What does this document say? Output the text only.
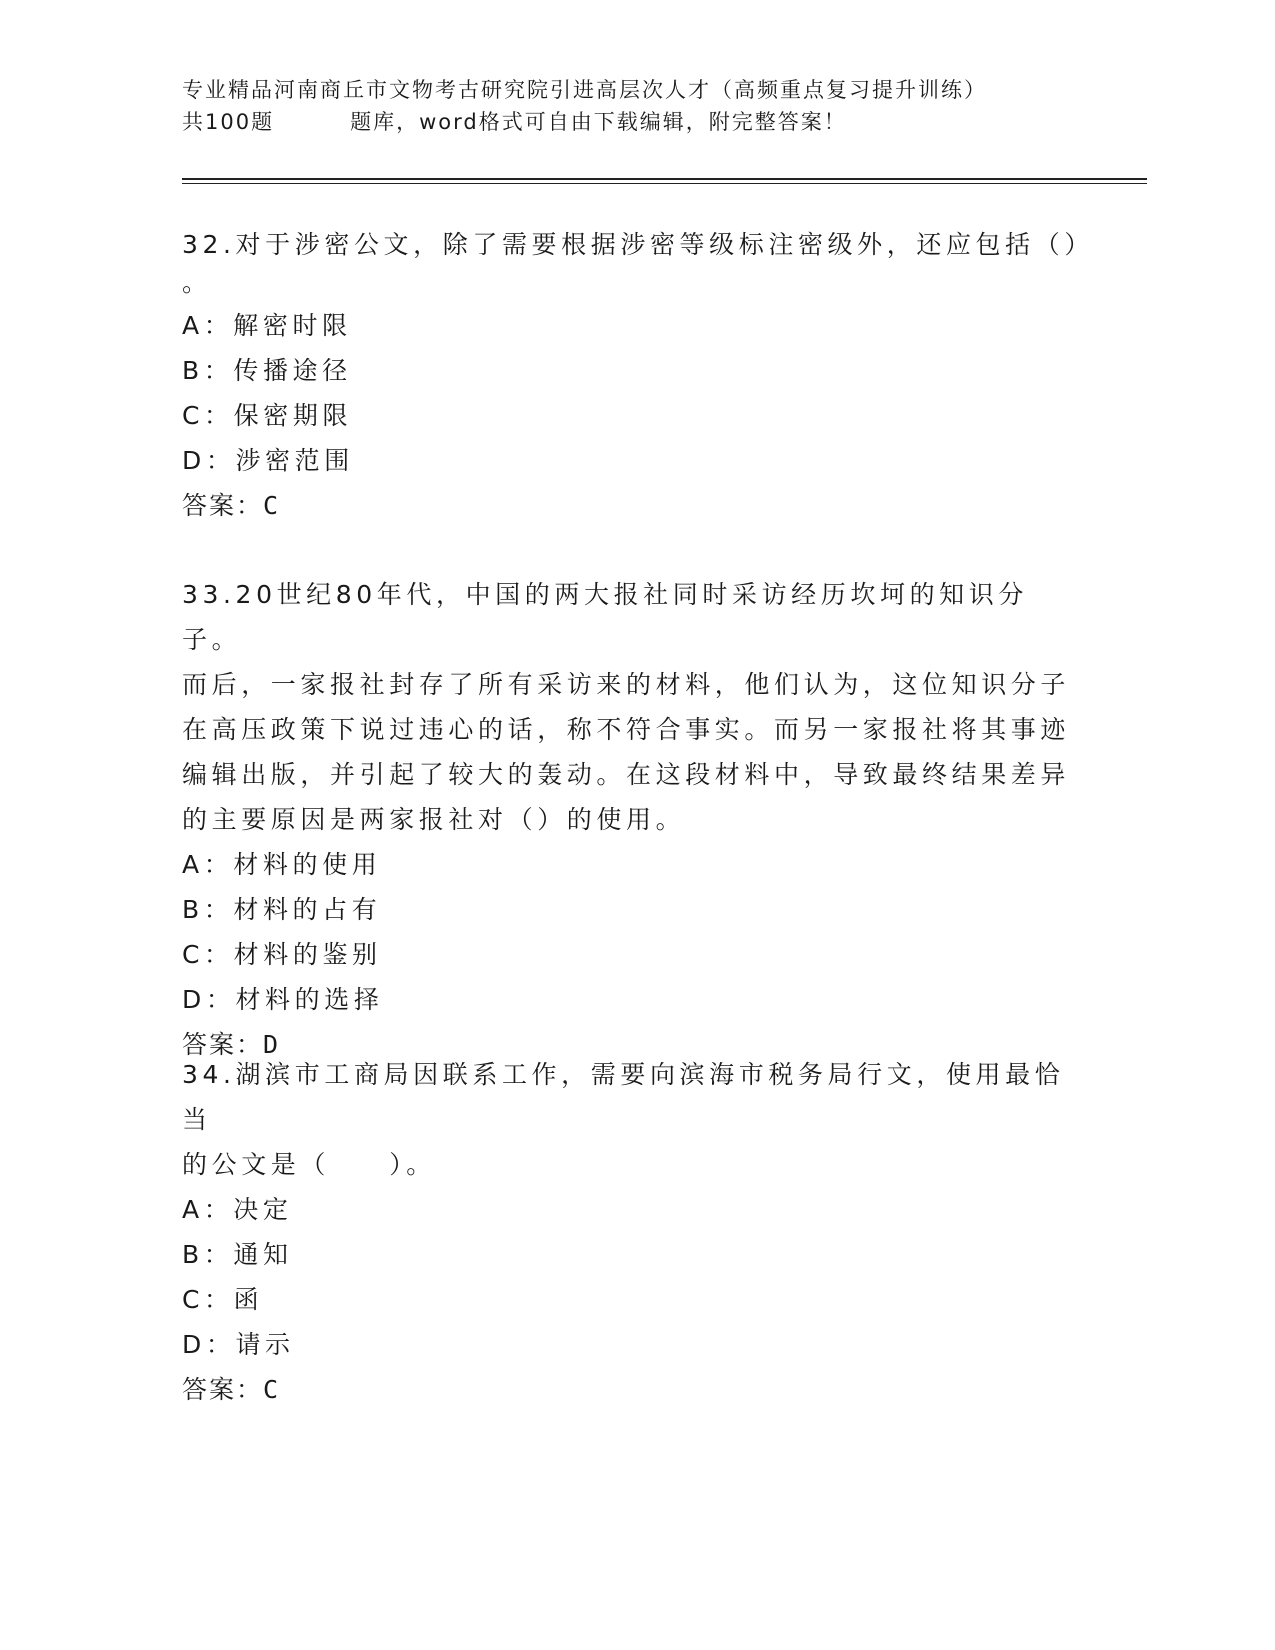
专业精品河南商丘市文物考古研究院引进高层次人才（高频重点复习提升训练）
共100题	题库，word格式可自由下载编辑，附完整答案！

32.对于涉密公文，除了需要根据涉密等级标注密级外，还应包括（）

。

A：解密时限

B：传播途径

C：保密期限

D：涉密范围

答案：C

33.20世纪80年代，中国的两大报社同时采访经历坎坷的知识分子。

而后，一家报社封存了所有采访来的材料，他们认为，这位知识分子

在高压政策下说过违心的话，称不符合事实。而另一家报社将其事迹

编辑出版，并引起了较大的轰动。在这段材料中，导致最终结果差异

的主要原因是两家报社对（）的使用。

A：材料的使用

B：材料的占有

C：材料的鉴别

D：材料的选择

答案：D

34.湖滨市工商局因联系工作，需要向滨海市税务局行文，使用最恰当

的公文是（　　）。

A：决定

B：通知

C：函

D：请示

答案：C
